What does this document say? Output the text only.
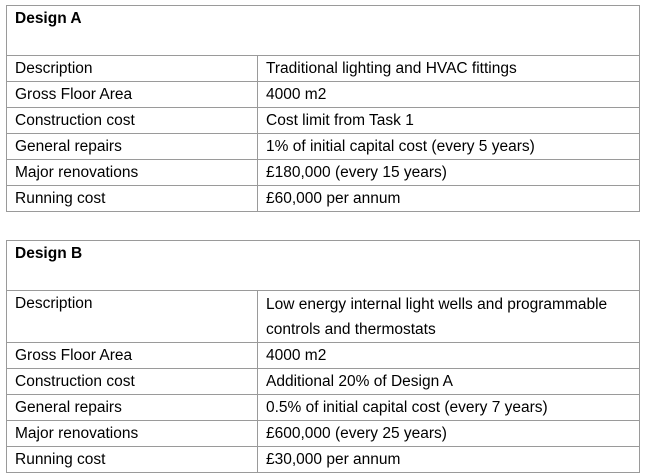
Design A	
Description	Traditional lighting and HVAC fittings
Gross Floor Area	4000 m2
Construction cost	Cost limit from Task 1
General repairs	1% of initial capital cost (every 5 years)
Major renovations	£180,000 (every 15 years)
Running cost	£60,000 per annum
Design B	
Description	Low energy internal light wells and programmable controls and thermostats
Gross Floor Area	4000 m2
Construction cost	Additional 20% of Design A
General repairs	0.5% of initial capital cost (every 7 years)
Major renovations	£600,000 (every 25 years)
Running cost	£30,000 per annum
